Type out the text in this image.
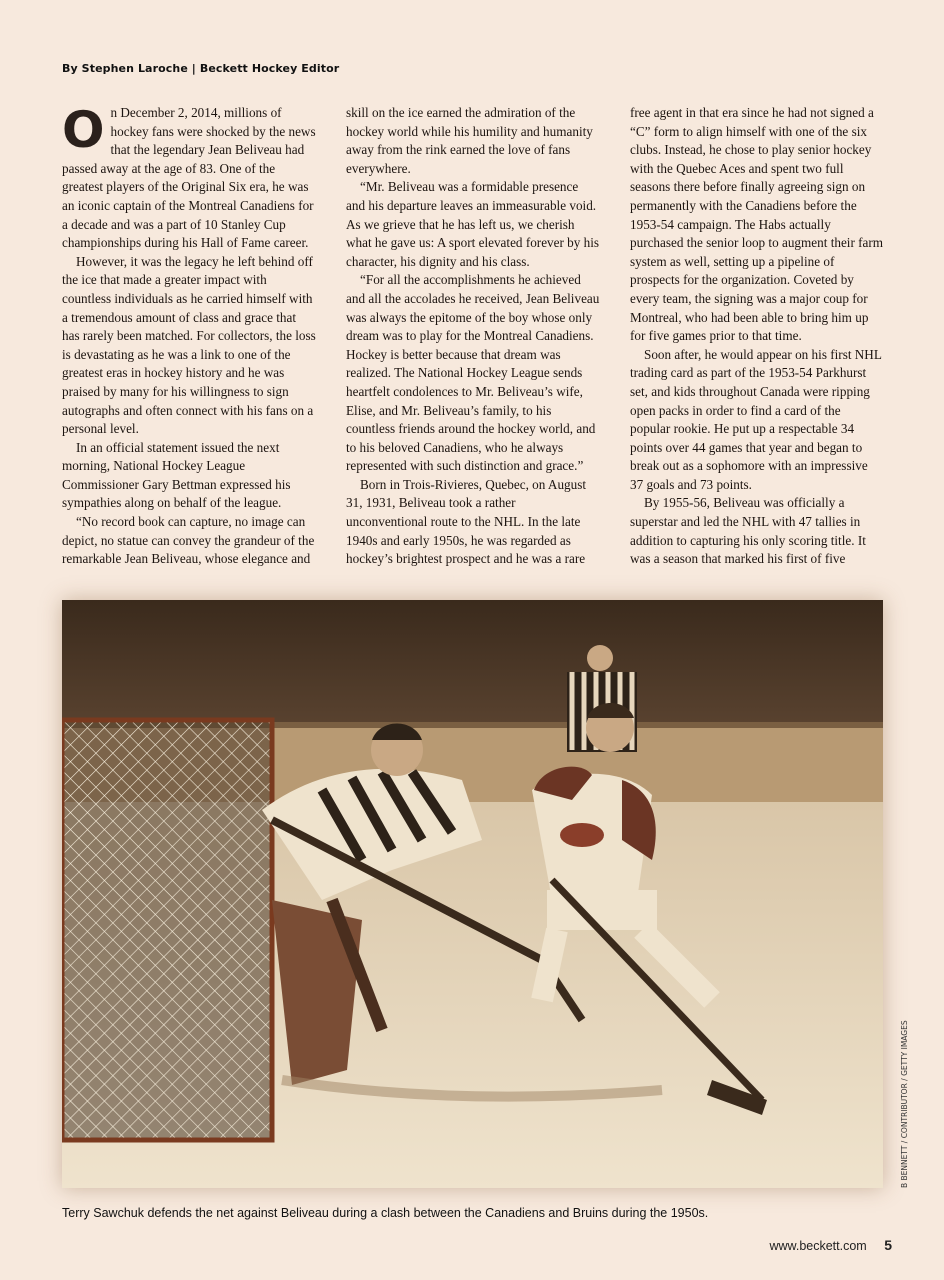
By Stephen Laroche | Beckett Hockey Editor

On December 2, 2014, millions of hockey fans were shocked by the news that the legendary Jean Beliveau had passed away at the age of 83. One of the greatest players of the Original Six era, he was an iconic captain of the Montreal Canadiens for a decade and was a part of 10 Stanley Cup championships during his Hall of Fame career.

However, it was the legacy he left behind off the ice that made a greater impact with countless individuals as he carried himself with a tremendous amount of class and grace that has rarely been matched. For collectors, the loss is devastating as he was a link to one of the greatest eras in hockey history and he was praised by many for his willingness to sign autographs and often connect with his fans on a personal level.

In an official statement issued the next morning, National Hockey League Commissioner Gary Bettman expressed his sympathies along on behalf of the league.

“No record book can capture, no image can depict, no statue can convey the grandeur of the remarkable Jean Beliveau, whose elegance and skill on the ice earned the admiration of the hockey world while his humility and humanity away from the rink earned the love of fans everywhere.

“Mr. Beliveau was a formidable presence and his departure leaves an immeasurable void. As we grieve that he has left us, we cherish what he gave us: A sport elevated forever by his character, his dignity and his class.

“For all the accomplishments he achieved and all the accolades he received, Jean Beliveau was always the epitome of the boy whose only dream was to play for the Montreal Canadiens. Hockey is better because that dream was realized. The National Hockey League sends heartfelt condolences to Mr. Beliveau’s wife, Elise, and Mr. Beliveau’s family, to his countless friends around the hockey world, and to his beloved Canadiens, who he always represented with such distinction and grace.”

Born in Trois-Rivieres, Quebec, on August 31, 1931, Beliveau took a rather unconventional route to the NHL. In the late 1940s and early 1950s, he was regarded as hockey’s brightest prospect and he was a rare free agent in that era since he had not signed a “C” form to align himself with one of the six clubs. Instead, he chose to play senior hockey with the Quebec Aces and spent two full seasons there before finally agreeing sign on permanently with the Canadiens before the 1953-54 campaign. The Habs actually purchased the senior loop to augment their farm system as well, setting up a pipeline of prospects for the organization. Coveted by every team, the signing was a major coup for Montreal, who had been able to bring him up for five games prior to that time.

Soon after, he would appear on his first NHL trading card as part of the 1953-54 Parkhurst set, and kids throughout Canada were ripping open packs in order to find a card of the popular rookie. He put up a respectable 34 points over 44 games that year and began to break out as a sophomore with an impressive 37 goals and 73 points.

By 1955-56, Beliveau was officially a superstar and led the NHL with 47 tallies in addition to capturing his only scoring title. It was a season that marked his first of five

B BENNETT / CONTRIBUTOR / GETTY IMAGES
Terry Sawchuk defends the net against Beliveau during a clash between the Canadiens and Bruins during the 1950s.
www.beckett.com 5
